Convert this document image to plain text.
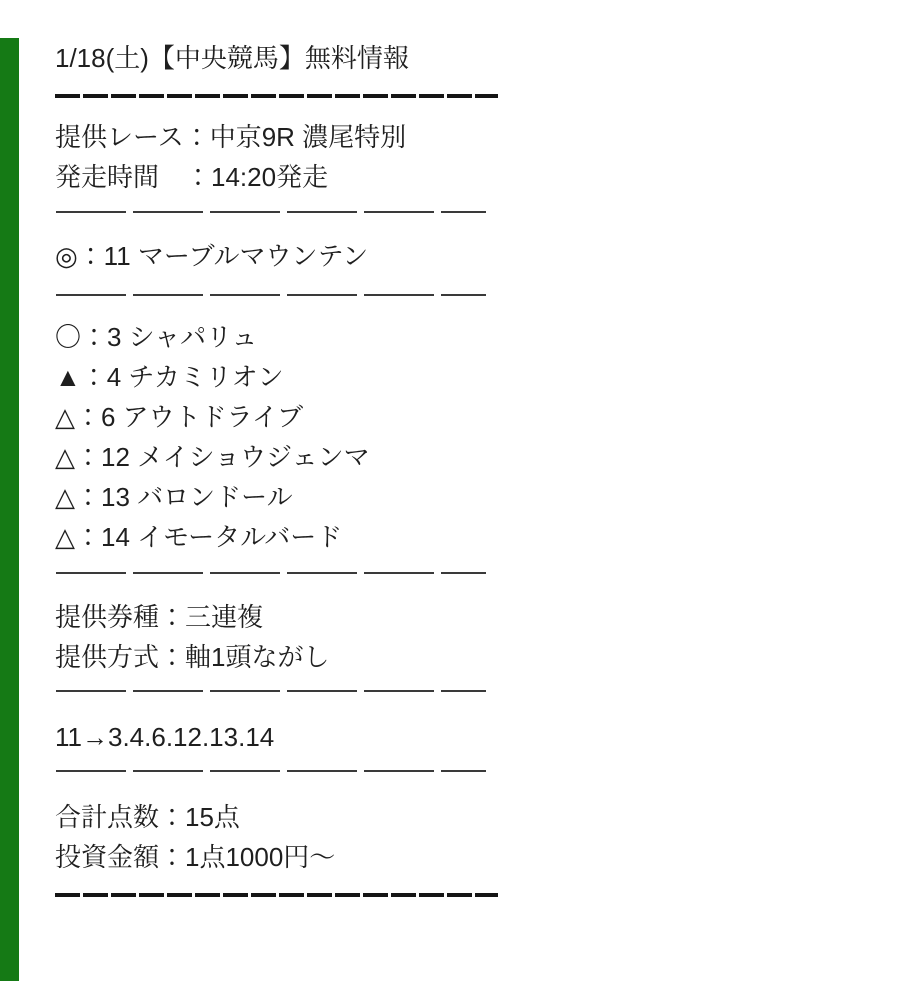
1/18(土)【中央競馬】無料情報

提供レース：中京9R 濃尾特別

発走時間　：14:20発走

◎：11 マーブルマウンテン

〇：3 シャパリュ

▲：4 チカミリオン

△：6 アウトドライブ

△：12 メイショウジェンマ

△：13 バロンドール

△：14 イモータルバード

提供券種：三連複

提供方式：軸1頭ながし

11→3.4.6.12.13.14

合計点数：15点

投資金額：1点1000円〜
